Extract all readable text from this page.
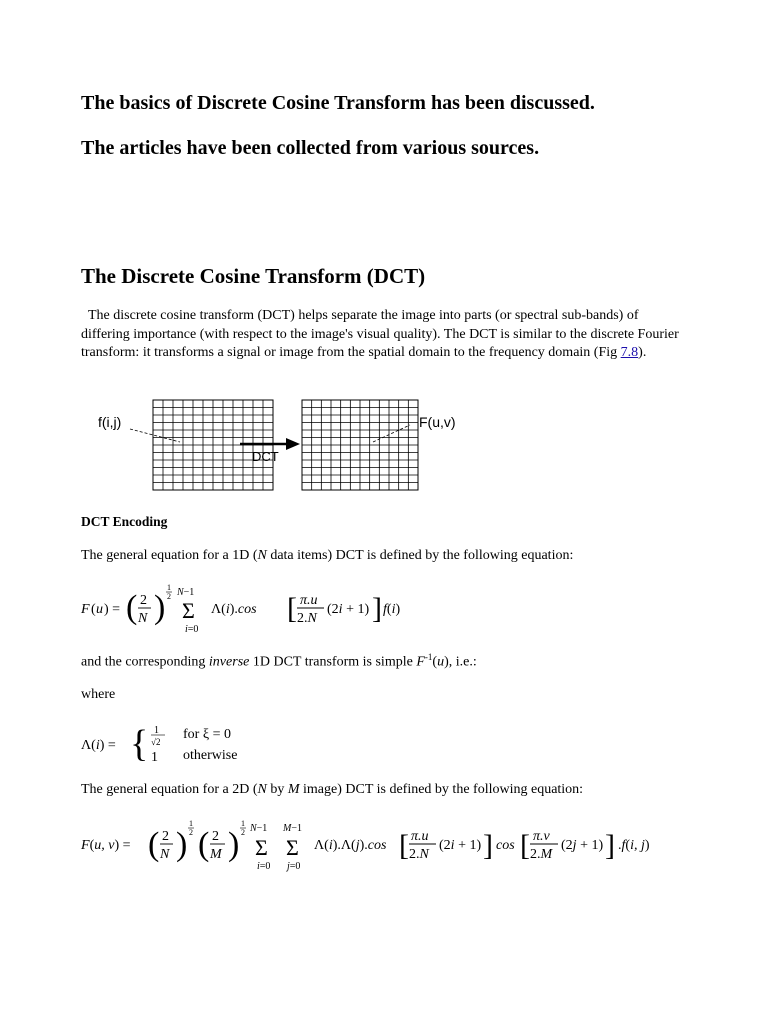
The basics of Discrete Cosine Transform has been discussed.

The articles have been collected from various sources.

The Discrete Cosine Transform (DCT)

The discrete cosine transform (DCT) helps separate the image into parts (or spectral sub-bands) of differing importance (with respect to the image's visual quality). The DCT is similar to the discrete Fourier transform: it transforms a signal or image from the spatial domain to the frequency domain (Fig 7.8).

f(i,j)	F(u,v)
DCT

DCT Encoding

The general equation for a 1D (N data items) DCT is defined by the following equation:

F ( u ) = ( 2
N )
1
2 N−1
Σ
i=0
Λ(i).cos [ π.u
2.N
(2i + 1) ] f(i)

and the corresponding inverse 1D DCT transform is simple $F^{-1}(u)$, i.e.:

where

Λ(i) = { 1
√2
1
for ξ = 0
otherwise

The general equation for a 2D (N by M image) DCT is defined by the following equation:

F(u, v) = ( 2
N )
1
2 ( 2
M )
1
2 N−1
Σ
i=0
M−1
Σ
j=0
Λ(i).Λ(j).cos [ π.u
2.N
(2i + 1) ] cos [ π.v
2.M
(2j + 1) ] .f(i, j)
